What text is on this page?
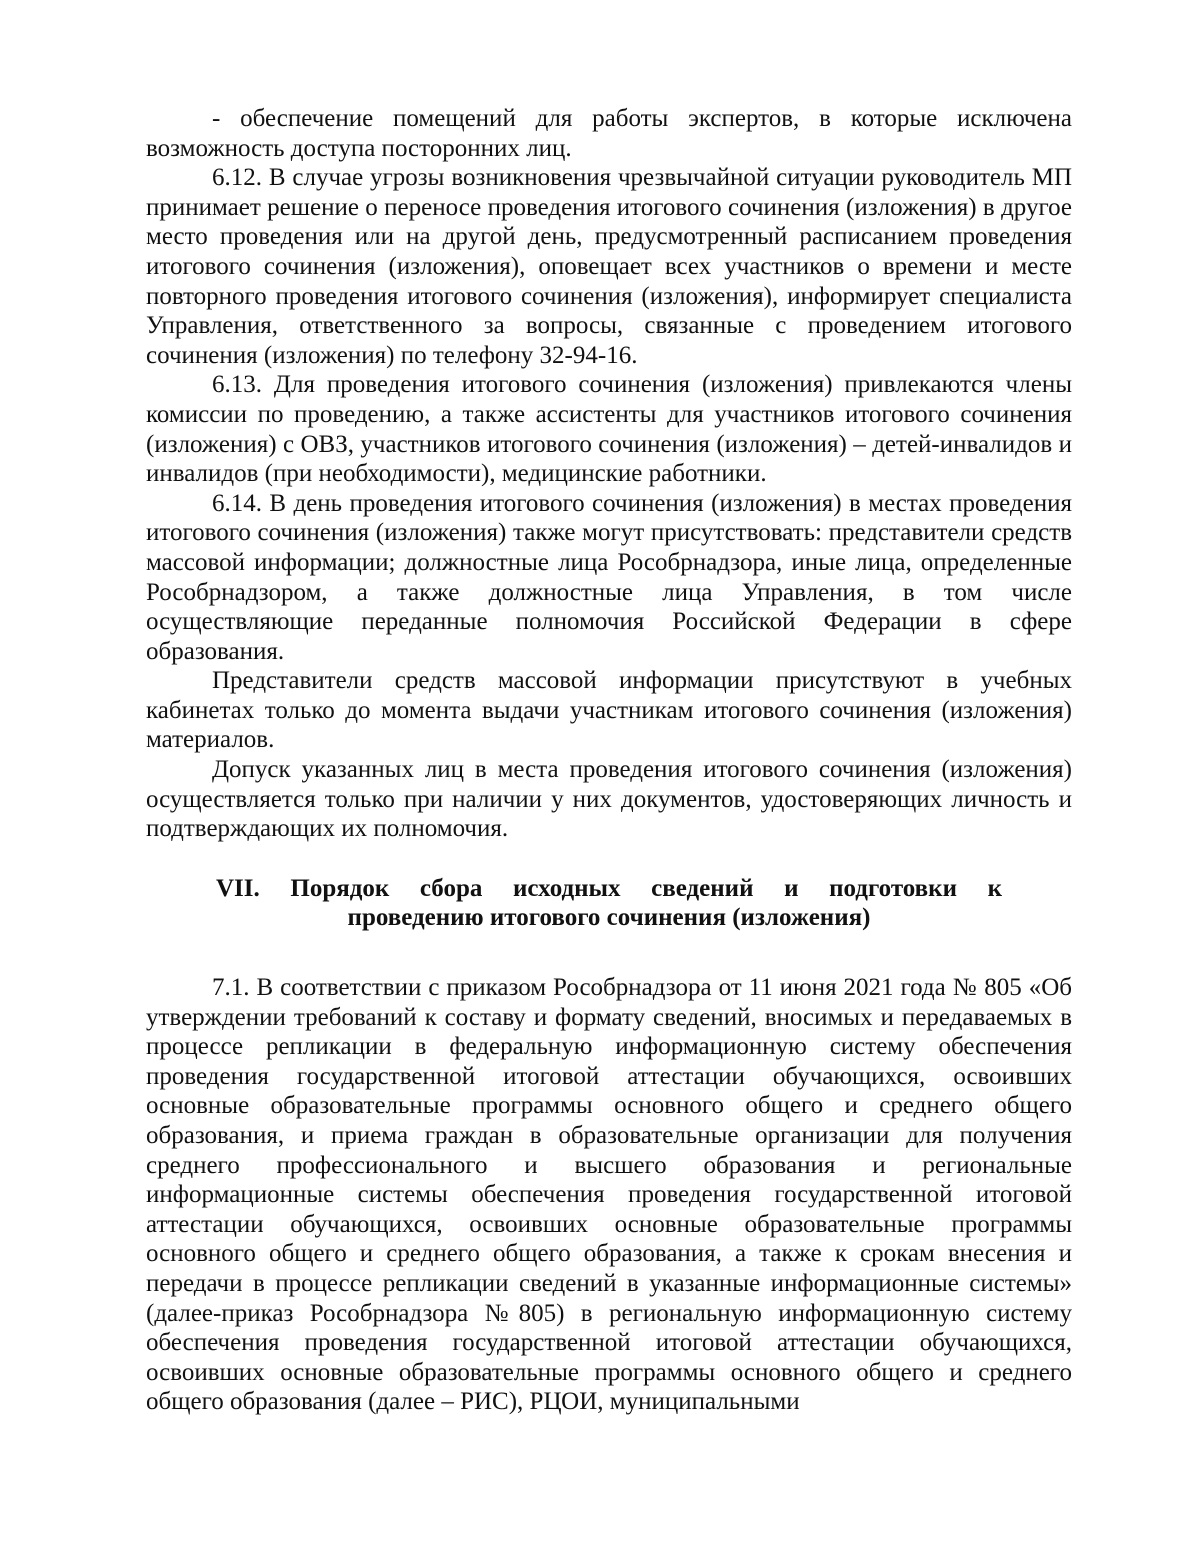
- обеспечение помещений для работы экспертов, в которые исключена возможность доступа посторонних лиц.

6.12. В случае угрозы возникновения чрезвычайной ситуации руководитель МП принимает решение о переносе проведения итогового сочинения (изложения) в другое место проведения или на другой день, предусмотренный расписанием проведения итогового сочинения (изложения), оповещает всех участников о времени и месте повторного проведения итогового сочинения (изложения), информирует специалиста Управления, ответственного за вопросы, связанные с проведением итогового сочинения (изложения) по телефону 32-94-16.

6.13. Для проведения итогового сочинения (изложения) привлекаются члены комиссии по проведению, а также ассистенты для участников итогового сочинения (изложения) с ОВЗ, участников итогового сочинения (изложения) – детей-инвалидов и инвалидов (при необходимости), медицинские работники.

6.14. В день проведения итогового сочинения (изложения) в местах проведения итогового сочинения (изложения) также могут присутствовать: представители средств массовой информации; должностные лица Рособрнадзора, иные лица, определенные Рособрнадзором, а также должностные лица Управления, в том числе осуществляющие переданные полномочия Российской Федерации в сфере образования.

Представители средств массовой информации присутствуют в учебных кабинетах только до момента выдачи участникам итогового сочинения (изложения) материалов.

Допуск указанных лиц в места проведения итогового сочинения (изложения) осуществляется только при наличии у них документов, удостоверяющих личность и подтверждающих их полномочия.

VII. Порядок сбора исходных сведений и подготовки к
проведению итогового сочинения (изложения)

7.1. В соответствии с приказом Рособрнадзора от 11 июня 2021 года № 805 «Об утверждении требований к составу и формату сведений, вносимых и передаваемых в процессе репликации в федеральную информационную систему обеспечения проведения государственной итоговой аттестации обучающихся, освоивших основные образовательные программы основного общего и среднего общего образования, и приема граждан в образовательные организации для получения среднего профессионального и высшего образования и региональные информационные системы обеспечения проведения государственной итоговой аттестации обучающихся, освоивших основные образовательные программы основного общего и среднего общего образования, а также к срокам внесения и передачи в процессе репликации сведений в указанные информационные системы» (далее-приказ Рособрнадзора №805) в региональную информационную систему обеспечения проведения государственной итоговой аттестации обучающихся, освоивших основные образовательные программы основного общего и среднего общего образования (далее – РИС), РЦОИ, муниципальными
